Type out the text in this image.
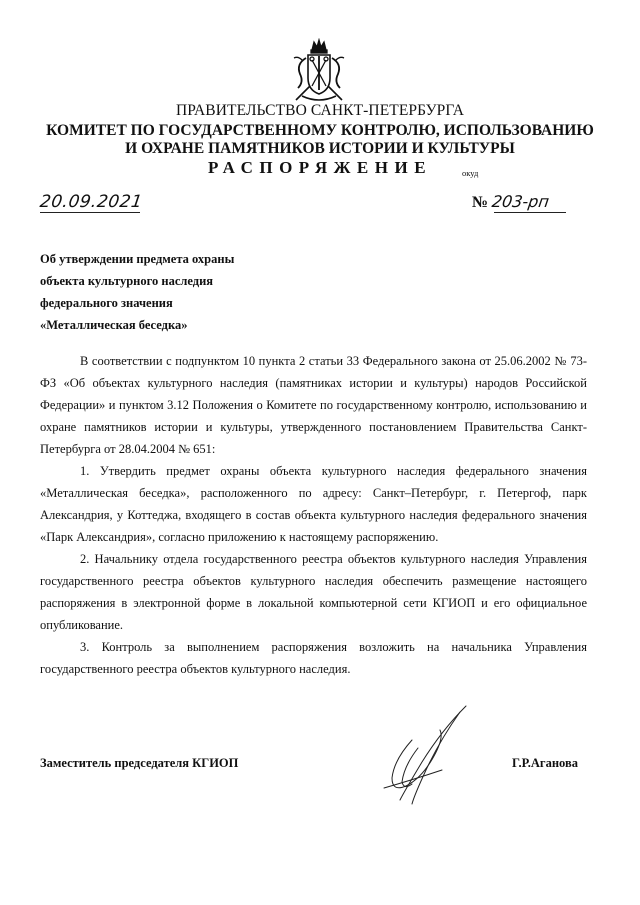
ПРАВИТЕЛЬСТВО САНКТ-ПЕТЕРБУРГА
КОМИТЕТ ПО ГОСУДАРСТВЕННОМУ КОНТРОЛЮ, ИСПОЛЬЗОВАНИЮ
И ОХРАНЕ ПАМЯТНИКОВ ИСТОРИИ И КУЛЬТУРЫ
РАСПОРЯЖЕНИЕ	окуд
20.09.2021	№ 203-рп
Об утверждении предмета охраны
объекта культурного наследия
федерального значения
«Металлическая беседка»

В соответствии с подпунктом 10 пункта 2 статьи 33 Федерального закона от 25.06.2002 № 73-ФЗ «Об объектах культурного наследия (памятниках истории и культуры) народов Российской Федерации» и пунктом 3.12 Положения о Комитете по государственному контролю, использованию и охране памятников истории и культуры, утвержденного постановлением Правительства Санкт-Петербурга от 28.04.2004 № 651:

1. Утвердить предмет охраны объекта культурного наследия федерального значения «Металлическая беседка», расположенного по адресу: Санкт–Петербург, г. Петергоф, парк Александрия, у Коттеджа, входящего в состав объекта культурного наследия федерального значения «Парк Александрия», согласно приложению к настоящему распоряжению.

2. Начальнику отдела государственного реестра объектов культурного наследия Управления государственного реестра объектов культурного наследия обеспечить размещение настоящего распоряжения в электронной форме в локальной компьютерной сети КГИОП и его официальное опубликование.

3. Контроль за выполнением распоряжения возложить на начальника Управления государственного реестра объектов культурного наследия.

Заместитель председателя КГИОП	Г.Р.Аганова
